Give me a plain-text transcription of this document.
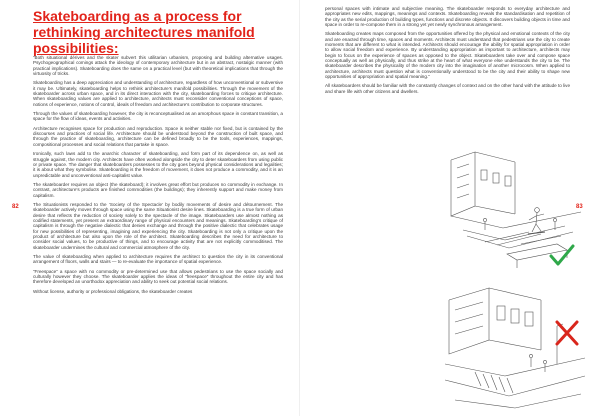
Skateboarding as a process for rethinking architectures manifold possibilities:

“Both situational dérives and the skater subvert this utilitarian urbanism, proposing and building alternative usages. Psychogeographical comings attack the ideology of contemporary architecture but in an abstract, nostalgic manner (with practical implications). Skateboarding does the same on a practical level (but with theoretical implications that through the virtuosity of tricks.

Skateboarding has a deep appreciation and understanding of architecture, regardless of how unconventional or subversive it may be. Ultimately, skateboarding helps to rethink architecture’s manifold possibilities. Through the movement of the skateboarder across urban space, and in its direct interaction with the city, skateboarding forces to critique architecture. When skateboarding values are applied to architecture, architects must reconsider conventional conceptions of space, notions of experience, notions of control, ideals of freedom and architecture’s contribution to corporate structures.

Through the values of skateboarding however, the city is reconceptualised as an amorphous space in constant transition, a space for the flow of ideas, events and activities.

Architecture recognises space for production and reproduction. Space is neither stable nor fixed, but is contained by the discourses and practices of social life. Architecture should be understood beyond the construction of built space, and through the practice of skateboarding, architecture can be defined broadly to be the tools, experiences, mappings, compositional processes and social relations that partake in space.

Ironically, such laws add to the anarchic character of skateboarding, and form part of its dependence on, as well as struggle against, the modern city. Architects have often worked alongside the city to deter skateboarders from using public or private space. The danger that skateboarders possesses to the city goes beyond physical considerations and legalities; it is about what they symbolise. Skateboarding is the freedom of movement, it does not produce a commodity, and it is an unpredictable and unconventional anti-capitalist value.

The skateboarder requires an object (the skateboard); it involves great effort but produces no commodity in exchange. In contrast, architecture’s products are finished commodities (the buildings); they inherently support and make money from capitalism.

The Situationists responded to the ‘Society of the Spectacle’ by bodily movements of desire and détournement. The skateboarder actively moves through space using the same Situationist desire lines. Skateboarding is a true form of urban desire that reflects the reduction of society solely to the spectacle of the image. Skateboarders use almost nothing as codified statements, yet present an extraordinary range of physical encounters and meanings. Skateboarding’s critique of capitalism is through the negative dialectic that denies exchange and through the positive dialectic that celebrates usage for new possibilities of representing, imagining and experiencing the city. Skateboarding is not only a critique upon the product of architecture but also upon the role of the architect. Skateboarding describes the need for architecture to consider social values, to be productive of things, and to encourage activity that are not explicitly commoditised. The skateboarder undermines the cultural and commercial atmosphere of the city.

The value of skateboarding when applied to architecture requires the architect to question the city in its conventional arrangement of floors, walls and stairs — to re-evaluate the importance of spatial experience.

“Freespace” a space with no commodity or pre-determined use that allows pedestrians to use the space socially and culturally however they choose. The skateboarder applies the ideas of “freespace” throughout the entire city and has therefore developed an unorthodox appreciation and ability to seek out potential social relations.

Without license, authority or professional obligations, the skateboarder creates

82

personal spaces with intimate and subjective meaning. The skateboarder responds to everyday architecture and appropriates new edits, mappings, meanings and contexts. Skateboarding reveals the standardisation and repetition of the city as the serial production of building types, functions and discrete objects. It discovers building objects in time and space in order to re-compose them in a strong yet yet newly synchronous arrangement.

Skateboarding creates maps composed from the opportunities offered by the physical and emotional contexts of the city and are enacted through time, spaces and moments. Architects must understand that pedestrians use the city to create moments that are different to what is intended. Architects should encourage the ability for spatial appropriation in order to allow social freedom and experience. By understanding appropriation as important to architecture, architects may begin to focus on the experience of spaces as opposed to the object. Skateboarders take over and compose space conceptually as well as physically, and thus strike at the heart of what everyone else understands the city to be. The skateboarder describes the physicality of the modern city into the imagination of another microcosm. When applied to architecture, architects must question what is conventionally understood to be the city and their ability to shape new opportunities of appropriation and spatial meaning.”

All skateboarders should be familiar with the constantly changes of context and on the other hand with the attitude to live and share life with other citizens and dwellers.

83
